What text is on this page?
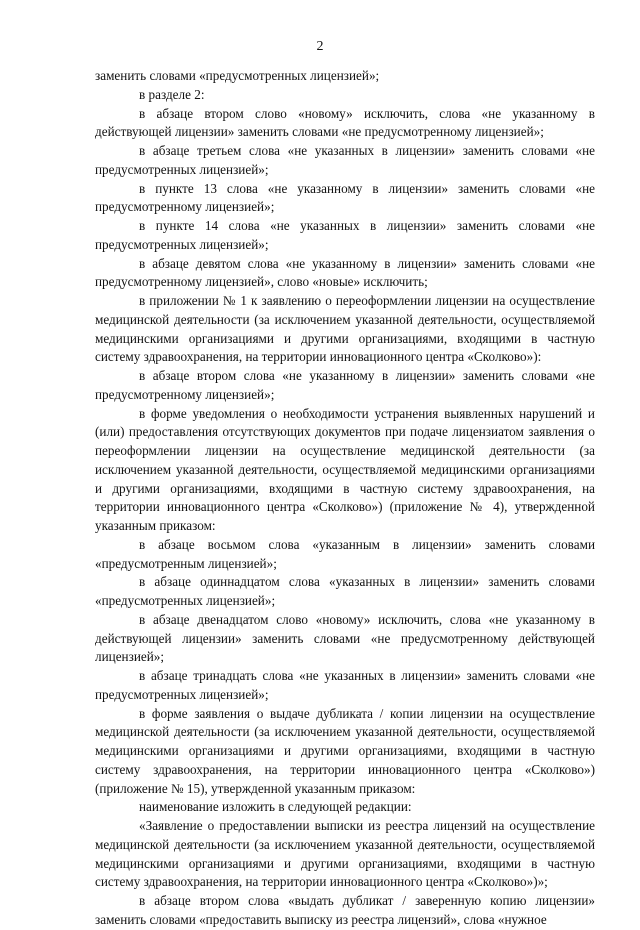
2

заменить словами «предусмотренных лицензией»;

в разделе 2:

в абзаце втором слово «новому» исключить, слова «не указанному в действующей лицензии» заменить словами «не предусмотренному лицензией»;

в абзаце третьем слова «не указанных в лицензии» заменить словами «не предусмотренных лицензией»;

в пункте 13 слова «не указанному в лицензии» заменить словами «не предусмотренному лицензией»;

в пункте 14 слова «не указанных в лицензии» заменить словами «не предусмотренных лицензией»;

в абзаце девятом слова «не указанному в лицензии» заменить словами «не предусмотренному лицензией», слово «новые» исключить;

в приложении № 1 к заявлению о переоформлении лицензии на осуществление медицинской деятельности (за исключением указанной деятельности, осуществляемой медицинскими организациями и другими организациями, входящими в частную систему здравоохранения, на территории инновационного центра «Сколково»):

в абзаце втором слова «не указанному в лицензии» заменить словами «не предусмотренному лицензией»;

в форме уведомления о необходимости устранения выявленных нарушений и (или) предоставления отсутствующих документов при подаче лицензиатом заявления о переоформлении лицензии на осуществление медицинской деятельности (за исключением указанной деятельности, осуществляемой медицинскими организациями и другими организациями, входящими в частную систему здравоохранения, на территории инновационного центра «Сколково») (приложение № 4), утвержденной указанным приказом:

в абзаце восьмом слова «указанным в лицензии» заменить словами «предусмотренным лицензией»;

в абзаце одиннадцатом слова «указанных в лицензии» заменить словами «предусмотренных лицензией»;

в абзаце двенадцатом слово «новому» исключить, слова «не указанному в действующей лицензии» заменить словами «не предусмотренному действующей лицензией»;

в абзаце тринадцать слова «не указанных в лицензии» заменить словами «не предусмотренных лицензией»;

в форме заявления о выдаче дубликата / копии лицензии на осуществление медицинской деятельности (за исключением указанной деятельности, осуществляемой медицинскими организациями и другими организациями, входящими в частную систему здравоохранения, на территории инновационного центра «Сколково») (приложение № 15), утвержденной указанным приказом:

наименование изложить в следующей редакции:

«Заявление о предоставлении выписки из реестра лицензий на осуществление медицинской деятельности (за исключением указанной деятельности, осуществляемой медицинскими организациями и другими организациями, входящими в частную систему здравоохранения, на территории инновационного центра «Сколково»)»;

в абзаце втором слова «выдать дубликат / заверенную копию лицензии» заменить словами «предоставить выписку из реестра лицензий», слова «нужное
